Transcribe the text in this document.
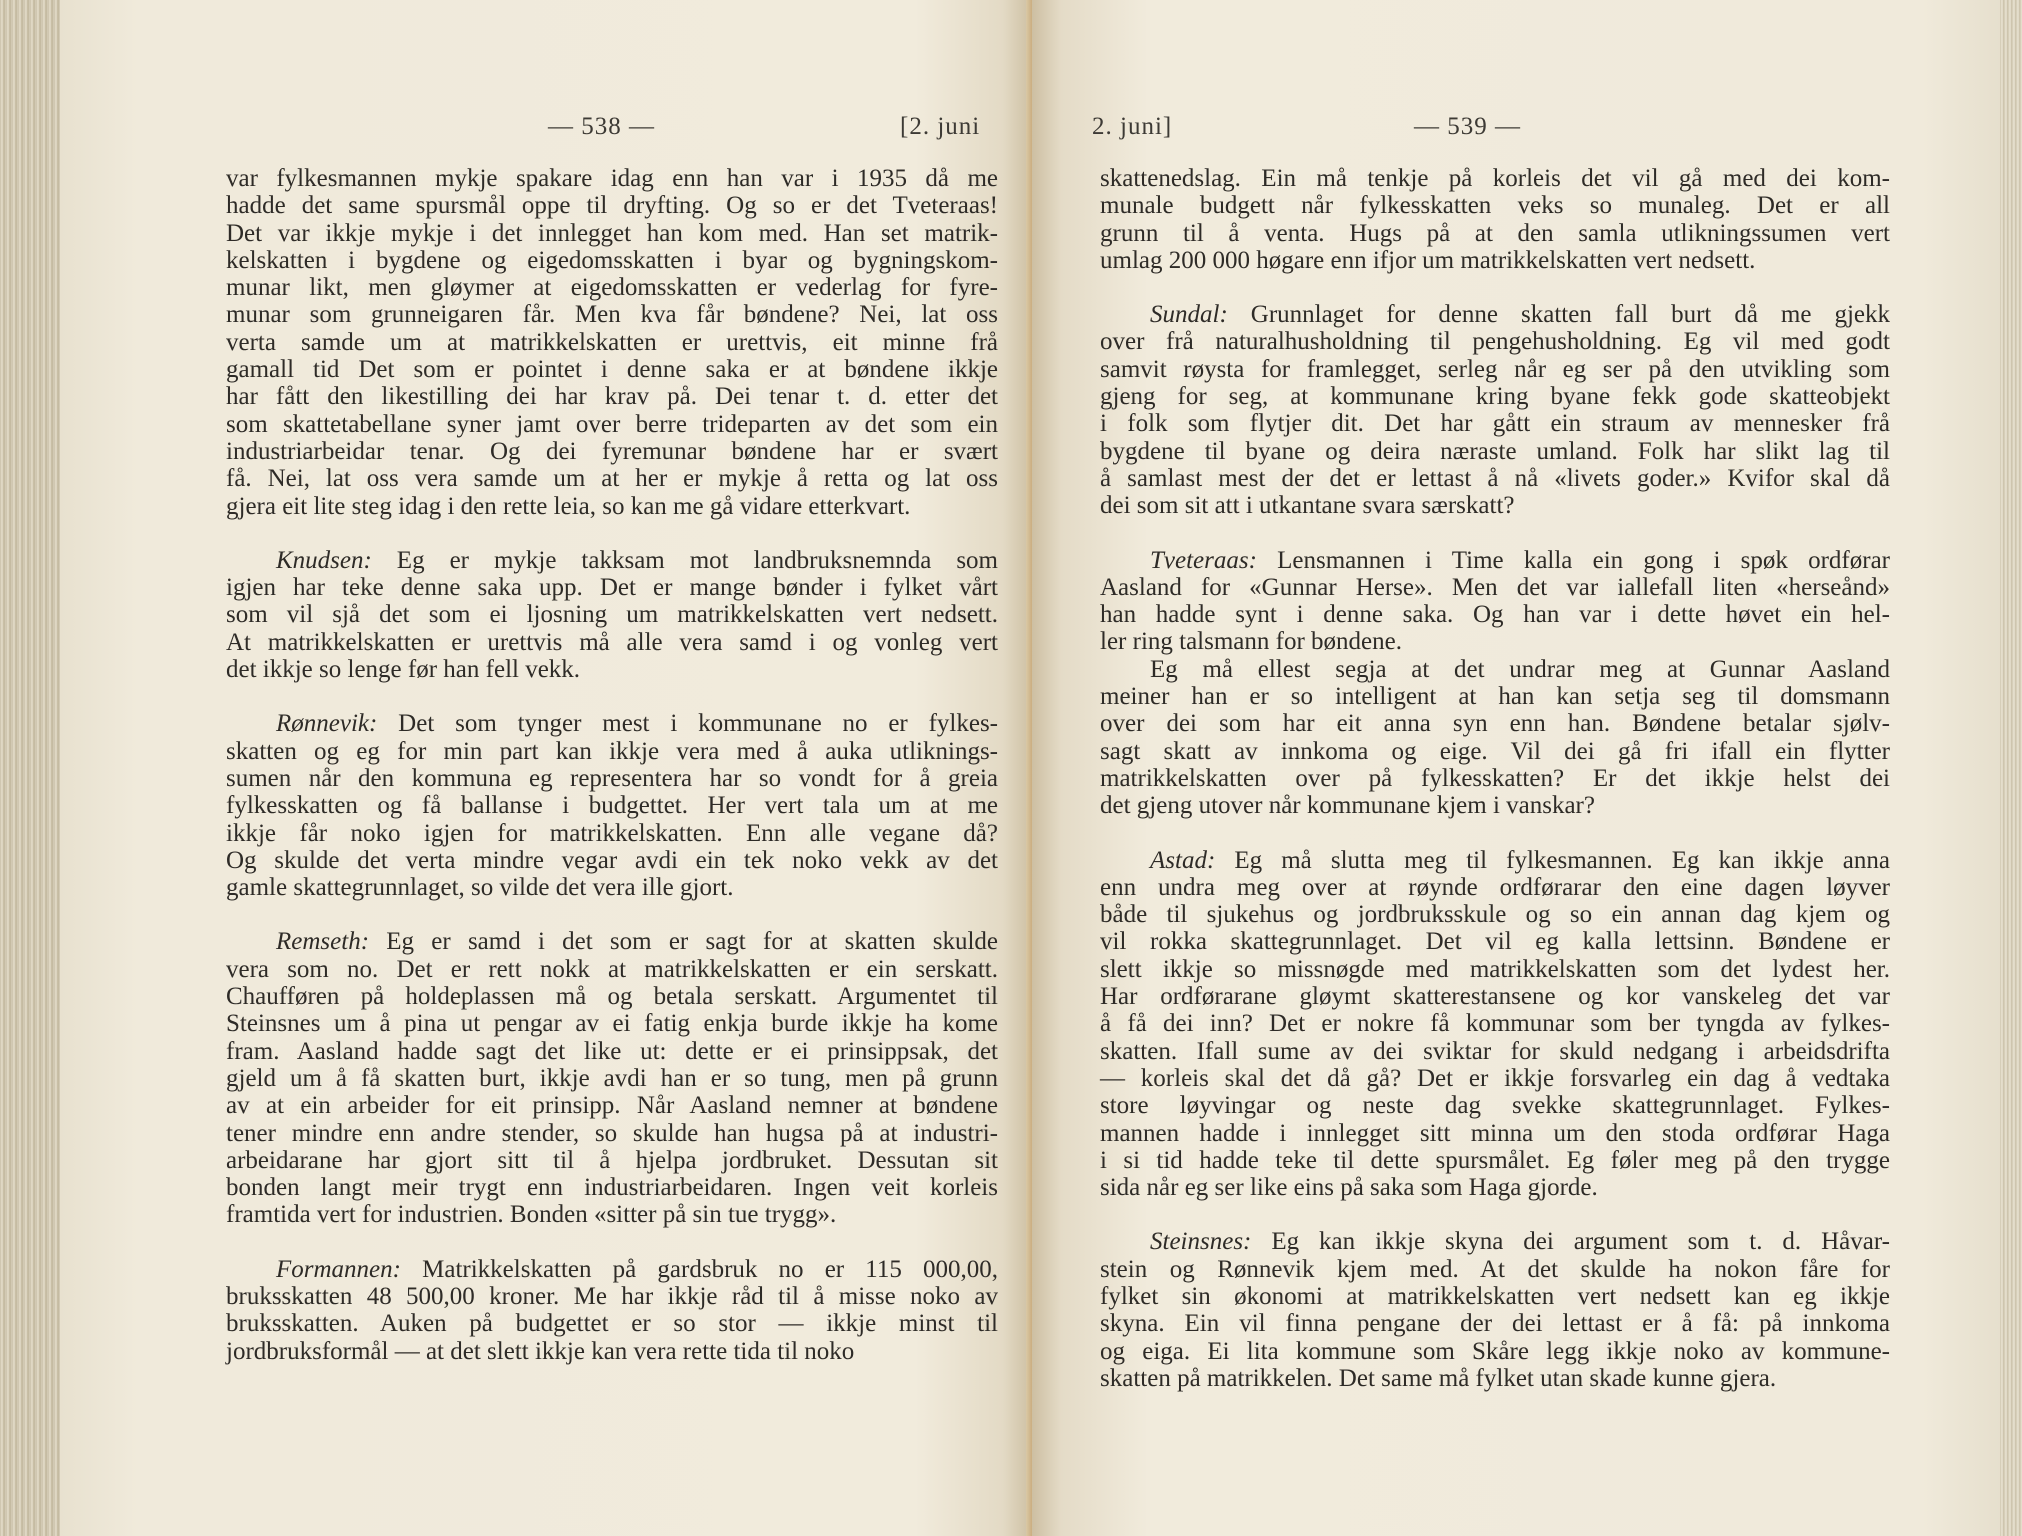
— 538 —	[2. juni

var fylkesmannen mykje spakare idag enn han var i 1935 då me
hadde det same spursmål oppe til dryfting. Og so er det Tveteraas!
Det var ikkje mykje i det innlegget han kom med. Han set matrik-
kelskatten i bygdene og eigedomsskatten i byar og bygningskom-
munar likt, men gløymer at eigedomsskatten er vederlag for fyre-
munar som grunneigaren får. Men kva får bøndene? Nei, lat oss
verta samde um at matrikkelskatten er urettvis, eit minne frå
gamall tid Det som er pointet i denne saka er at bøndene ikkje
har fått den likestilling dei har krav på. Dei tenar t. d. etter det
som skattetabellane syner jamt over berre trideparten av det som ein
industriarbeidar tenar. Og dei fyremunar bøndene har er svært
få. Nei, lat oss vera samde um at her er mykje å retta og lat oss
gjera eit lite steg idag i den rette leia, so kan me gå vidare etterkvart.

Knudsen: Eg er mykje takksam mot landbruksnemnda som
igjen har teke denne saka upp. Det er mange bønder i fylket vårt
som vil sjå det som ei ljosning um matrikkelskatten vert nedsett.
At matrikkelskatten er urettvis må alle vera samd i og vonleg vert
det ikkje so lenge før han fell vekk.

Rønnevik: Det som tynger mest i kommunane no er fylkes-
skatten og eg for min part kan ikkje vera med å auka utliknings-
sumen når den kommuna eg representera har so vondt for å greia
fylkesskatten og få ballanse i budgettet. Her vert tala um at me
ikkje får noko igjen for matrikkelskatten. Enn alle vegane då?
Og skulde det verta mindre vegar avdi ein tek noko vekk av det
gamle skattegrunnlaget, so vilde det vera ille gjort.

Remseth: Eg er samd i det som er sagt for at skatten skulde
vera som no. Det er rett nokk at matrikkelskatten er ein serskatt.
Chaufføren på holdeplassen må og betala serskatt. Argumentet til
Steinsnes um å pina ut pengar av ei fatig enkja burde ikkje ha kome
fram. Aasland hadde sagt det like ut: dette er ei prinsippsak, det
gjeld um å få skatten burt, ikkje avdi han er so tung, men på grunn
av at ein arbeider for eit prinsipp. Når Aasland nemner at bøndene
tener mindre enn andre stender, so skulde han hugsa på at industri-
arbeidarane har gjort sitt til å hjelpa jordbruket. Dessutan sit
bonden langt meir trygt enn industriarbeidaren. Ingen veit korleis
framtida vert for industrien. Bonden «sitter på sin tue trygg».

Formannen: Matrikkelskatten på gardsbruk no er 115 000,00,
bruksskatten 48 500,00 kroner. Me har ikkje råd til å misse noko av
bruksskatten. Auken på budgettet er so stor — ikkje minst til
jordbruksformål — at det slett ikkje kan vera rette tida til noko

2. juni]	— 539 —

skattenedslag. Ein må tenkje på korleis det vil gå med dei kom-
munale budgett når fylkesskatten veks so munaleg. Det er all
grunn til å venta. Hugs på at den samla utlikningssumen vert
umlag 200 000 høgare enn ifjor um matrikkelskatten vert nedsett.

Sundal: Grunnlaget for denne skatten fall burt då me gjekk
over frå naturalhusholdning til pengehusholdning. Eg vil med godt
samvit røysta for framlegget, serleg når eg ser på den utvikling som
gjeng for seg, at kommunane kring byane fekk gode skatteobjekt
i folk som flytjer dit. Det har gått ein straum av mennesker frå
bygdene til byane og deira næraste umland. Folk har slikt lag til
å samlast mest der det er lettast å nå «livets goder.» Kvifor skal då
dei som sit att i utkantane svara særskatt?

Tveteraas: Lensmannen i Time kalla ein gong i spøk ordførar
Aasland for «Gunnar Herse». Men det var iallefall liten «herseånd»
han hadde synt i denne saka. Og han var i dette høvet ein hel-
ler ring talsmann for bøndene.

Eg må ellest segja at det undrar meg at Gunnar Aasland
meiner han er so intelligent at han kan setja seg til domsmann
over dei som har eit anna syn enn han. Bøndene betalar sjølv-
sagt skatt av innkoma og eige. Vil dei gå fri ifall ein flytter
matrikkelskatten over på fylkesskatten? Er det ikkje helst dei
det gjeng utover når kommunane kjem i vanskar?

Astad: Eg må slutta meg til fylkesmannen. Eg kan ikkje anna
enn undra meg over at røynde ordførarar den eine dagen løyver
både til sjukehus og jordbruksskule og so ein annan dag kjem og
vil rokka skattegrunnlaget. Det vil eg kalla lettsinn. Bøndene er
slett ikkje so missnøgde med matrikkelskatten som det lydest her.
Har ordførarane gløymt skatterestansene og kor vanskeleg det var
å få dei inn? Det er nokre få kommunar som ber tyngda av fylkes-
skatten. Ifall sume av dei sviktar for skuld nedgang i arbeidsdrifta
— korleis skal det då gå? Det er ikkje forsvarleg ein dag å vedtaka
store løyvingar og neste dag svekke skattegrunnlaget. Fylkes-
mannen hadde i innlegget sitt minna um den stoda ordførar Haga
i si tid hadde teke til dette spursmålet. Eg føler meg på den trygge
sida når eg ser like eins på saka som Haga gjorde.

Steinsnes: Eg kan ikkje skyna dei argument som t. d. Håvar-
stein og Rønnevik kjem med. At det skulde ha nokon fåre for
fylket sin økonomi at matrikkelskatten vert nedsett kan eg ikkje
skyna. Ein vil finna pengane der dei lettast er å få: på innkoma
og eiga. Ei lita kommune som Skåre legg ikkje noko av kommune-
skatten på matrikkelen. Det same må fylket utan skade kunne gjera.
